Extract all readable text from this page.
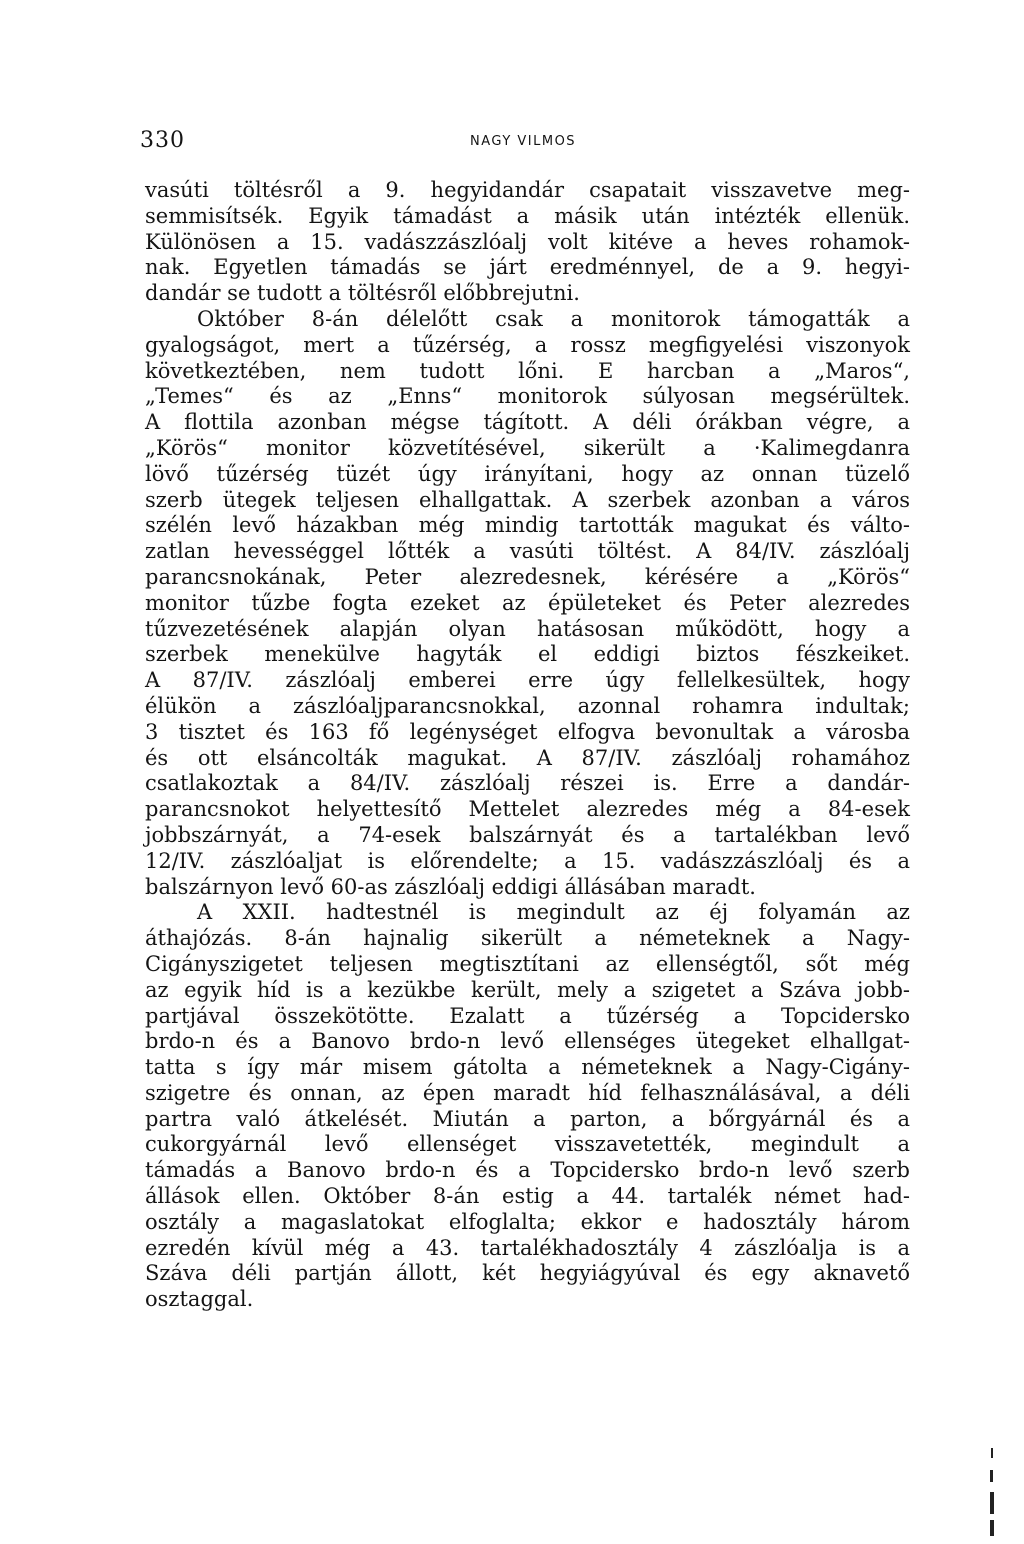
330	NAGY VILMOS
vasúti töltésről a 9. hegyidandár csapatait visszavetve meg-
semmisítsék. Egyik támadást a másik után intézték ellenük.
Különösen a 15. vadászzászlóalj volt kitéve a heves rohamok-
nak. Egyetlen támadás se járt eredménnyel, de a 9. hegyi-
dandár se tudott a töltésről előbbrejutni.
Október 8-án délelőtt csak a monitorok támogatták a
gyalogságot, mert a tűzérség, a rossz megfigyelési viszonyok
következtében, nem tudott lőni. E harcban a „Maros“,
„Temes“ és az „Enns“ monitorok súlyosan megsérültek.
A flottila azonban mégse tágított. A déli órákban végre, a
„Körös“ monitor közvetítésével, sikerült a ·Kalimegdanra
lövő tűzérség tüzét úgy irányítani, hogy az onnan tüzelő
szerb ütegek teljesen elhallgattak. A szerbek azonban a város
szélén levő házakban még mindig tartották magukat és válto-
zatlan hevességgel lőtték a vasúti töltést. A 84/IV. zászlóalj
parancsnokának, Peter alezredesnek, kérésére a „Körös“
monitor tűzbe fogta ezeket az épületeket és Peter alezredes
tűzvezetésének alapján olyan hatásosan működött, hogy a
szerbek menekülve hagyták el eddigi biztos fészkeiket.
A 87/IV. zászlóalj emberei erre úgy fellelkesültek, hogy
élükön a zászlóaljparancsnokkal, azonnal rohamra indultak;
3 tisztet és 163 fő legénységet elfogva bevonultak a városba
és ott elsáncolták magukat. A 87/IV. zászlóalj rohamához
csatlakoztak a 84/IV. zászlóalj részei is. Erre a dandár-
parancsnokot helyettesítő Mettelet alezredes még a 84-esek
jobbszárnyát, a 74-esek balszárnyát és a tartalékban levő
12/IV. zászlóaljat is előrendelte; a 15. vadászzászlóalj és a
balszárnyon levő 60-as zászlóalj eddigi állásában maradt.
A XXII. hadtestnél is megindult az éj folyamán az
áthajózás. 8-án hajnalig sikerült a németeknek a Nagy-
Cigányszigetet teljesen megtisztítani az ellenségtől, sőt még
az egyik híd is a kezükbe került, mely a szigetet a Száva jobb-
partjával összekötötte. Ezalatt a tűzérség a Topcidersko
brdo-n és a Banovo brdo-n levő ellenséges ütegeket elhallgat-
tatta s így már misem gátolta a németeknek a Nagy-Cigány-
szigetre és onnan, az épen maradt híd felhasználásával, a déli
partra való átkelését. Miután a parton, a bőrgyárnál és a
cukorgyárnál levő ellenséget visszavetették, megindult a
támadás a Banovo brdo-n és a Topcidersko brdo-n levő szerb
állások ellen. Október 8-án estig a 44. tartalék német had-
osztály a magaslatokat elfoglalta; ekkor e hadosztály három
ezredén kívül még a 43. tartalékhadosztály 4 zászlóalja is a
Száva déli partján állott, két hegyiágyúval és egy aknavető
osztaggal.
